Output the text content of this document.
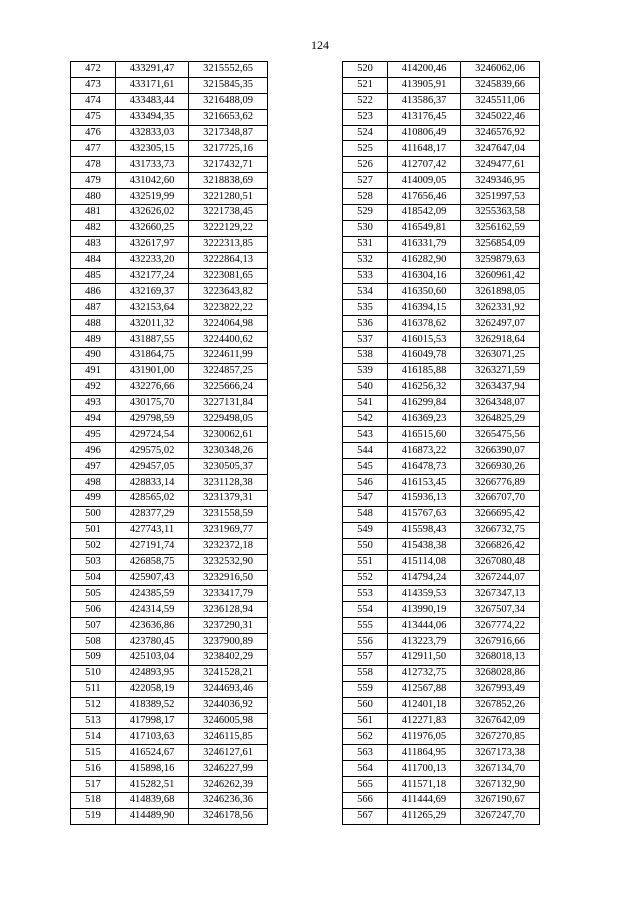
124
472	433291,47	3215552,65
473	433171,61	3215845,35
474	433483,44	3216488,09
475	433494,35	3216653,62
476	432833,03	3217348,87
477	432305,15	3217725,16
478	431733,73	3217432,71
479	431042,60	3218838,69
480	432519,99	3221280,51
481	432626,02	3221738,45
482	432660,25	3222129,22
483	432617,97	3222313,85
484	432233,20	3222864,13
485	432177,24	3223081,65
486	432169,37	3223643,82
487	432153,64	3223822,22
488	432011,32	3224064,98
489	431887,55	3224400,62
490	431864,75	3224611,99
491	431901,00	3224857,25
492	432276,66	3225666,24
493	430175,70	3227131,84
494	429798,59	3229498,05
495	429724,54	3230062,61
496	429575,02	3230348,26
497	429457,05	3230505,37
498	428833,14	3231128,38
499	428565,02	3231379,31
500	428377,29	3231558,59
501	427743,11	3231969,77
502	427191,74	3232372,18
503	426858,75	3232532,90
504	425907,43	3232916,50
505	424385,59	3233417,79
506	424314,59	3236128,94
507	423636,86	3237290,31
508	423780,45	3237900,89
509	425103,04	3238402,29
510	424893,95	3241528,21
511	422058,19	3244693,46
512	418389,52	3244036,92
513	417998,17	3246005,98
514	417103,63	3246115,85
515	416524,67	3246127,61
516	415898,16	3246227,99
517	415282,51	3246262,39
518	414839,68	3246236,36
519	414489,90	3246178,56
520	414200,46	3246062,06
521	413905,91	3245839,66
522	413586,37	3245511,06
523	413176,45	3245022,46
524	410806,49	3246576,92
525	411648,17	3247647,04
526	412707,42	3249477,61
527	414009,05	3249346,95
528	417656,46	3251997,53
529	418542,09	3255363,58
530	416549,81	3256162,59
531	416331,79	3256854,09
532	416282,90	3259879,63
533	416304,16	3260961,42
534	416350,60	3261898,05
535	416394,15	3262331,92
536	416378,62	3262497,07
537	416015,53	3262918,64
538	416049,78	3263071,25
539	416185,88	3263271,59
540	416256,32	3263437,94
541	416299,84	3264348,07
542	416369,23	3264825,29
543	416515,60	3265475,56
544	416873,22	3266390,07
545	416478,73	3266930,26
546	416153,45	3266776,89
547	415936,13	3266707,70
548	415767,63	3266695,42
549	415598,43	3266732,75
550	415438,38	3266826,42
551	415114,08	3267080,48
552	414794,24	3267244,07
553	414359,53	3267347,13
554	413990,19	3267507,34
555	413444,06	3267774,22
556	413223,79	3267916,66
557	412911,50	3268018,13
558	412732,75	3268028,86
559	412567,88	3267993,49
560	412401,18	3267852,26
561	412271,83	3267642,09
562	411976,05	3267270,85
563	411864,95	3267173,38
564	411700,13	3267134,70
565	411571,18	3267132,90
566	411444,69	3267190,67
567	411265,29	3267247,70
